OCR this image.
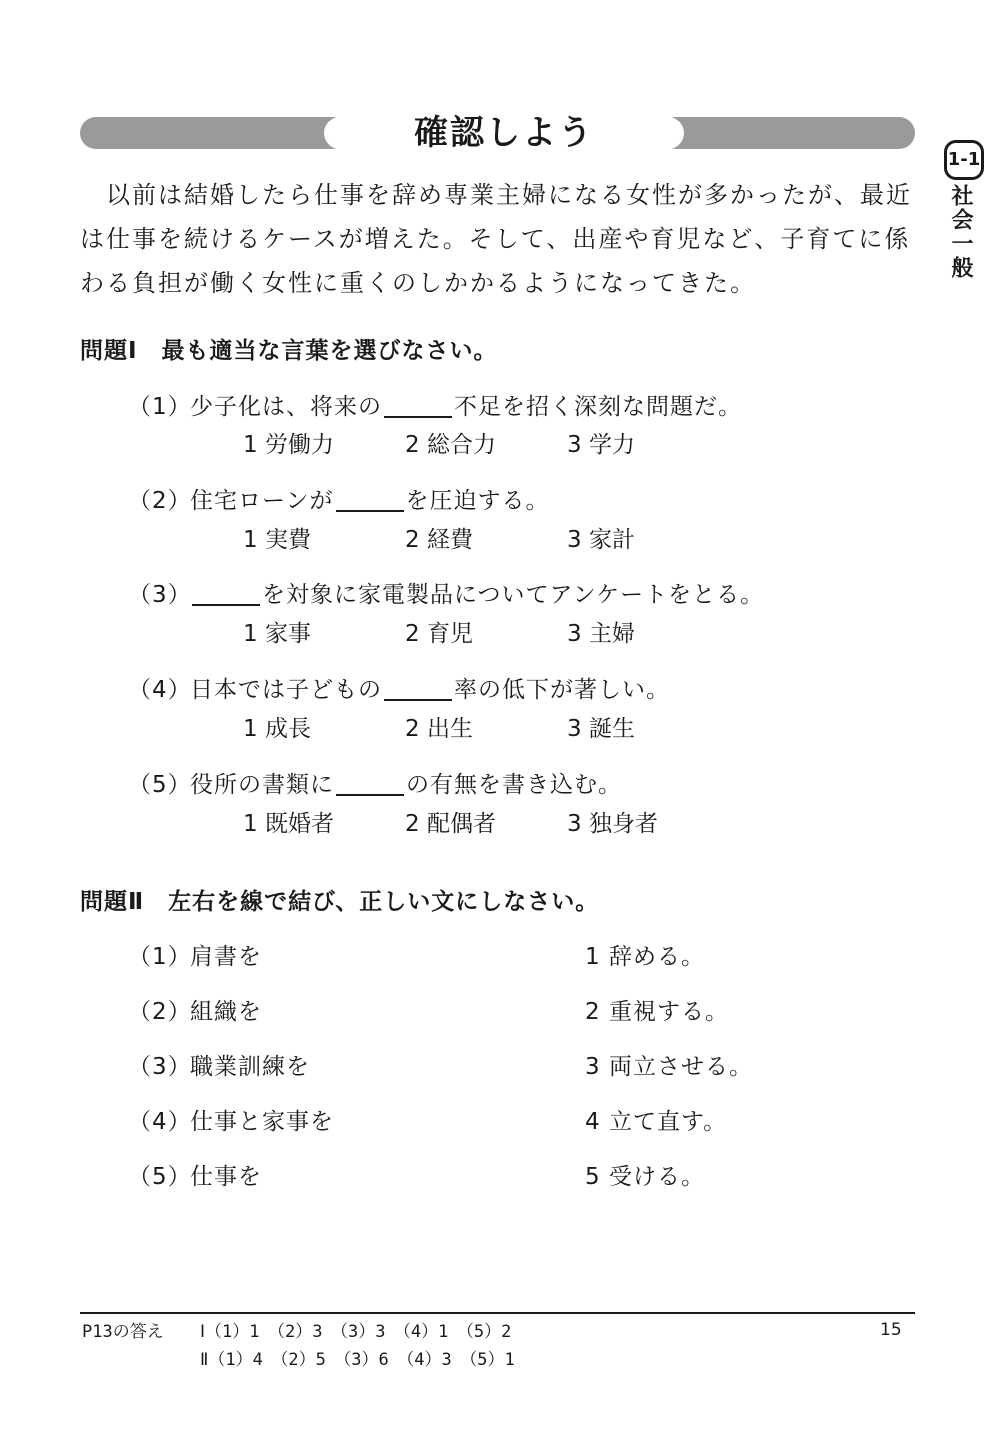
確認しよう
1-1
社会一般
以前は結婚したら仕事を辞め専業主婦になる女性が多かったが、最近は仕事を続けるケースが増えた。そして、出産や育児など、子育てに係わる負担が働く女性に重くのしかかるようになってきた。
問題Ⅰ　最も適当な言葉を選びなさい。
（1）少子化は、将来の	不足を招く深刻な問題だ。
1 労働力	2 総合力	3 学力
（2）住宅ローンが	を圧迫する。
1 実費	2 経費	3 家計
（3）	を対象に家電製品についてアンケートをとる。
1 家事	2 育児	3 主婦
（4）日本では子どもの	率の低下が著しい。
1 成長	2 出生	3 誕生
（5）役所の書類に	の有無を書き込む。
1 既婚者	2 配偶者	3 独身者
問題Ⅱ　左右を線で結び、正しい文にしなさい。
（1）肩書を	1 辞める。
（2）組織を	2 重視する。
（3）職業訓練を	3 両立させる。
（4）仕事と家事を	4 立て直す。
（5）仕事を	5 受ける。
P13の答え Ⅰ（1）1　（2）3　（3）3　（4）1　（5）2
Ⅱ（1）4　（2）5　（3）6　（4）3　（5）1
15
